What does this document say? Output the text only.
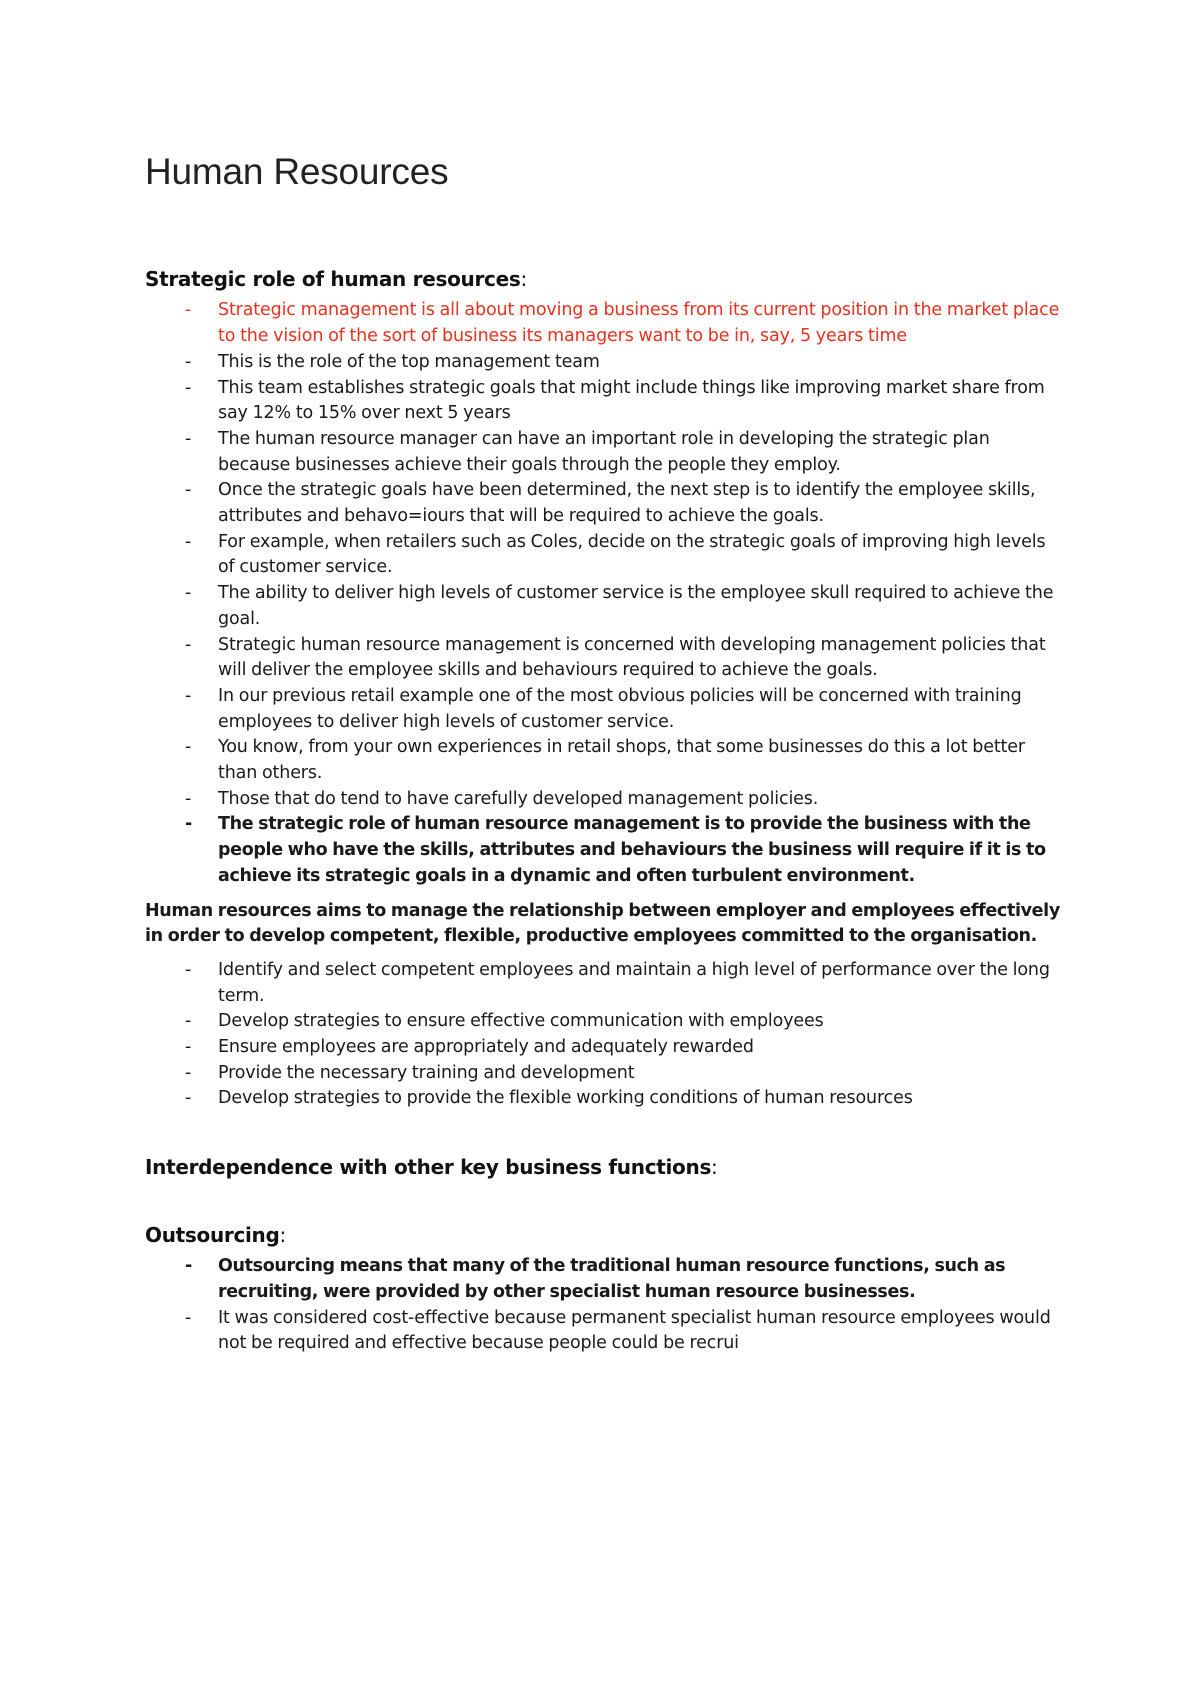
Human Resources
Strategic role of human resources:
- Strategic management is all about moving a business from its current position in the market place to the vision of the sort of business its managers want to be in, say, 5 years time
- This is the role of the top management team
- This team establishes strategic goals that might include things like improving market share from say 12% to 15% over next 5 years
- The human resource manager can have an important role in developing the strategic plan because businesses achieve their goals through the people they employ.
- Once the strategic goals have been determined, the next step is to identify the employee skills, attributes and behavo=iours that will be required to achieve the goals.
- For example, when retailers such as Coles, decide on the strategic goals of improving high levels of customer service.
- The ability to deliver high levels of customer service is the employee skull required to achieve the goal.
- Strategic human resource management is concerned with developing management policies that will deliver the employee skills and behaviours required to achieve the goals.
- In our previous retail example one of the most obvious policies will be concerned with training employees to deliver high levels of customer service.
- You know, from your own experiences in retail shops, that some businesses do this a lot better than others.
- Those that do tend to have carefully developed management policies.
- The strategic role of human resource management is to provide the business with the people who have the skills, attributes and behaviours the business will require if it is to achieve its strategic goals in a dynamic and often turbulent environment.

Human resources aims to manage the relationship between employer and employees effectively in order to develop competent, flexible, productive employees committed to the organisation.

- Identify and select competent employees and maintain a high level of performance over the long term.
- Develop strategies to ensure effective communication with employees
- Ensure employees are appropriately and adequately rewarded
- Provide the necessary training and development
- Develop strategies to provide the flexible working conditions of human resources
Interdependence with other key business functions:
Outsourcing:
- Outsourcing means that many of the traditional human resource functions, such as recruiting, were provided by other specialist human resource businesses.
- It was considered cost-effective because permanent specialist human resource employees would not be required and effective because people could be recrui
